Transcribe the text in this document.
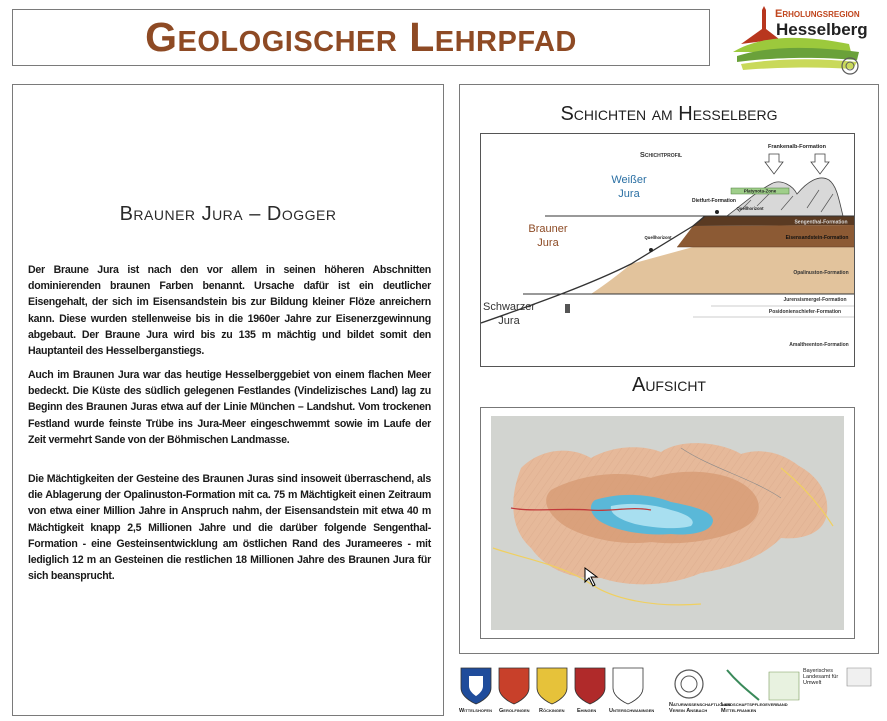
Geologischer Lehrpfad	Erholungsregion
Hesselberg
Brauner Jura – Dogger

Der Braune Jura ist nach den vor allem in seinen höheren Abschnitten dominierenden braunen Farben benannt. Ursache dafür ist ein deutlicher Eisengehalt, der sich im Eisensandstein bis zur Bildung kleiner Flöze anreichern kann. Diese wurden stellenweise bis in die 1960er Jahre zur Eisenerzgewinnung abgebaut. Der Braune Jura wird bis zu 135 m mächtig und bildet somit den Hauptanteil des Hesselberganstiegs.

Auch im Braunen Jura war das heutige Hesselberggebiet von einem flachen Meer bedeckt. Die Küste des südlich gelegenen Festlandes (Vindelizisches Land) lag zu Beginn des Braunen Juras etwa auf der Linie München – Landshut. Vom trockenen Festland wurde feinste Trübe ins Jura-Meer eingeschwemmt sowie im Laufe der Zeit vermehrt Sande von der Böhmischen Landmasse.

Die Mächtigkeiten der Gesteine des Braunen Juras sind insoweit überraschend, als die Ablagerung der Opalinuston-Formation mit ca. 75 m Mächtigkeit einen Zeitraum von etwa einer Million Jahre in Anspruch nahm, der Eisensandstein mit etwa 40 m Mächtigkeit knapp 2,5 Millionen Jahre und die darüber folgende Sengenthal-Formation - eine Gesteinsentwicklung am östlichen Rand des Jurameeres - mit lediglich 12 m an Gesteinen die restlichen 18 Millionen Jahre des Braunen Jura für sich beansprucht.

Schichten am Hesselberg
Schichtprofil
Frankenalb-Formation
Platynota-Zone
Dietfurt-Formation
Quellhorizont
Quellhorizont
Sengenthal-Formation
Eisensandstein-Formation
Opalinuston-Formation
Jurensismergel-Formation
Posidonienschiefer-Formation
Amaltheenton-Formation
Weißer
Jura
Brauner
Jura
Schwarzer
Jura
Aufsicht
Wittelshofen Gerolfingen Röckingen Ehingen Unterschwaningen
Naturwissenschaftlicher Verein Ansbach
Landschaftspflegeverband Mittelfranken
Bayerisches Landesamt für Umwelt
